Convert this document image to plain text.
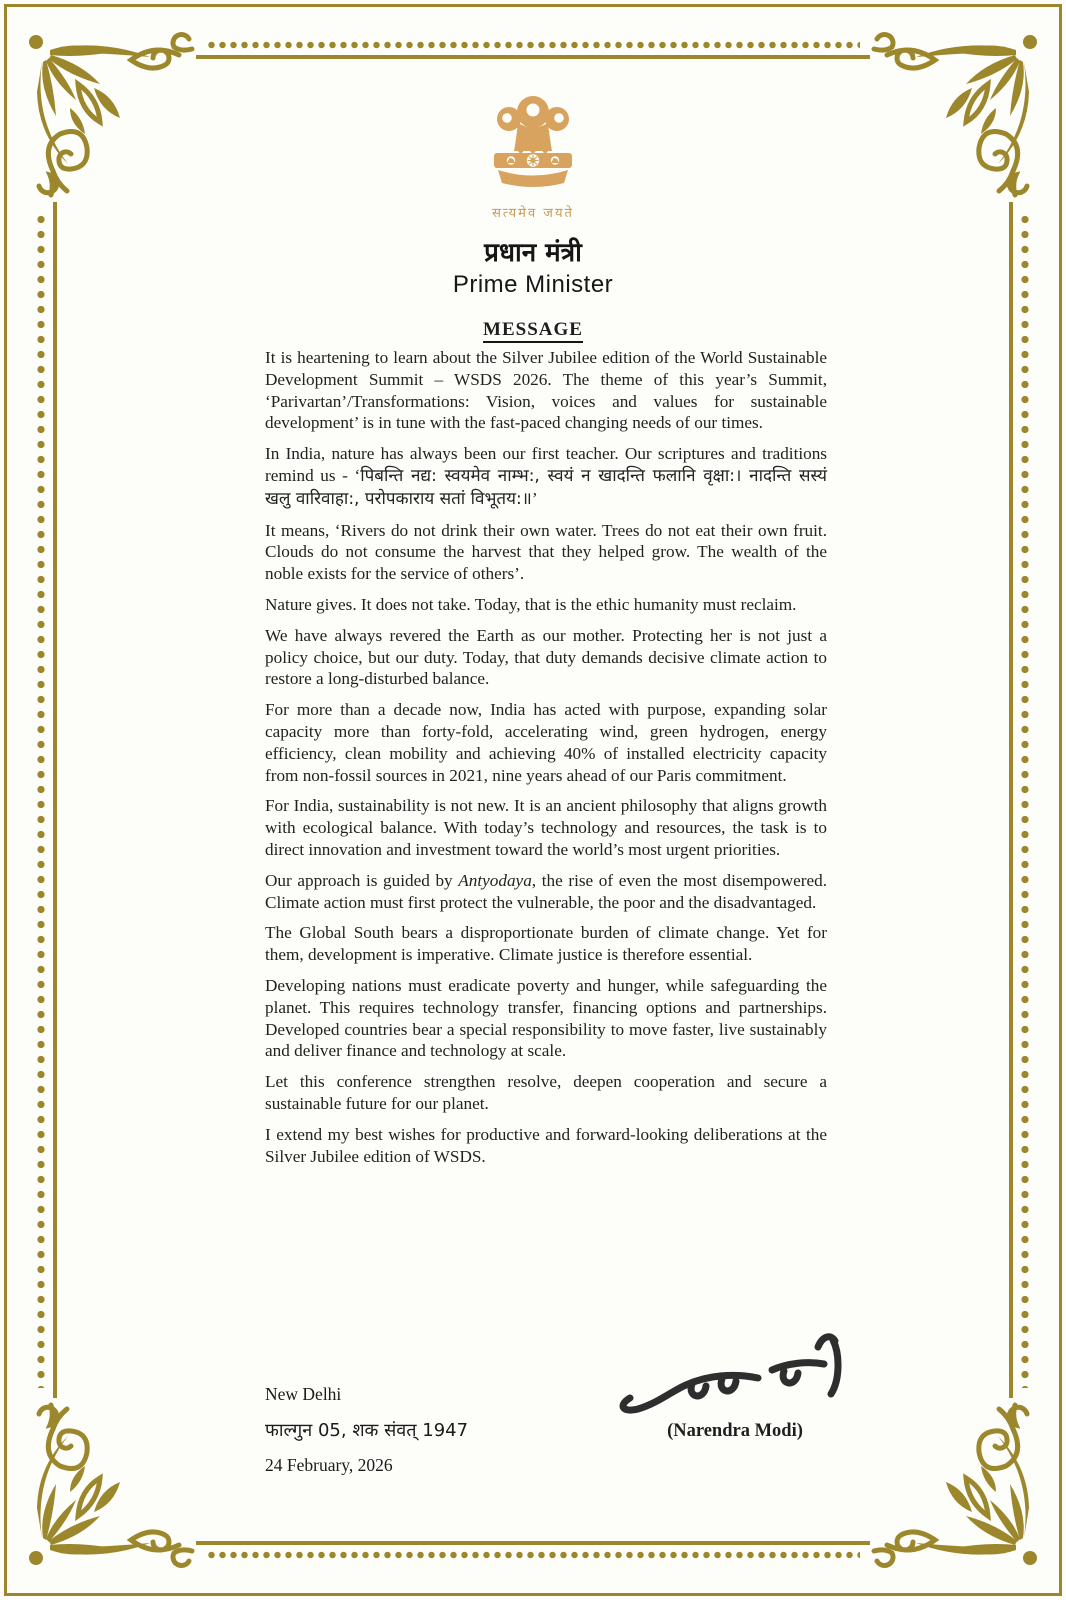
सत्यमेव जयते
प्रधान मंत्री
Prime Minister
MESSAGE

It is heartening to learn about the Silver Jubilee edition of the World Sustainable Development Summit – WSDS 2026. The theme of this year’s Summit, ‘Parivartan’/Transformations: Vision, voices and values for sustainable development’ is in tune with the fast-paced changing needs of our times.

In India, nature has always been our first teacher. Our scriptures and traditions remind us - ‘पिबन्ति नद्य: स्वयमेव नाम्भ:, स्वयं न खादन्ति फलानि वृक्षा:। नादन्ति सस्यं खलु वारिवाहा:, परोपकाराय सतां विभूतय:॥’

It means, ‘Rivers do not drink their own water. Trees do not eat their own fruit. Clouds do not consume the harvest that they helped grow. The wealth of the noble exists for the service of others’.

Nature gives. It does not take. Today, that is the ethic humanity must reclaim.

We have always revered the Earth as our mother. Protecting her is not just a policy choice, but our duty. Today, that duty demands decisive climate action to restore a long-disturbed balance.

For more than a decade now, India has acted with purpose, expanding solar capacity more than forty-fold, accelerating wind, green hydrogen, energy efficiency, clean mobility and achieving 40% of installed electricity capacity from non-fossil sources in 2021, nine years ahead of our Paris commitment.

For India, sustainability is not new. It is an ancient philosophy that aligns growth with ecological balance. With today’s technology and resources, the task is to direct innovation and investment toward the world’s most urgent priorities.

Our approach is guided by Antyodaya, the rise of even the most disempowered. Climate action must first protect the vulnerable, the poor and the disadvantaged.

The Global South bears a disproportionate burden of climate change. Yet for them, development is imperative. Climate justice is therefore essential.

Developing nations must eradicate poverty and hunger, while safeguarding the planet. This requires technology transfer, financing options and partnerships. Developed countries bear a special responsibility to move faster, live sustainably and deliver finance and technology at scale.

Let this conference strengthen resolve, deepen cooperation and secure a sustainable future for our planet.

I extend my best wishes for productive and forward-looking deliberations at the Silver Jubilee edition of WSDS.

(Narendra Modi)
New Delhi
फाल्गुन 05, शक संवत् 1947
24 February, 2026
